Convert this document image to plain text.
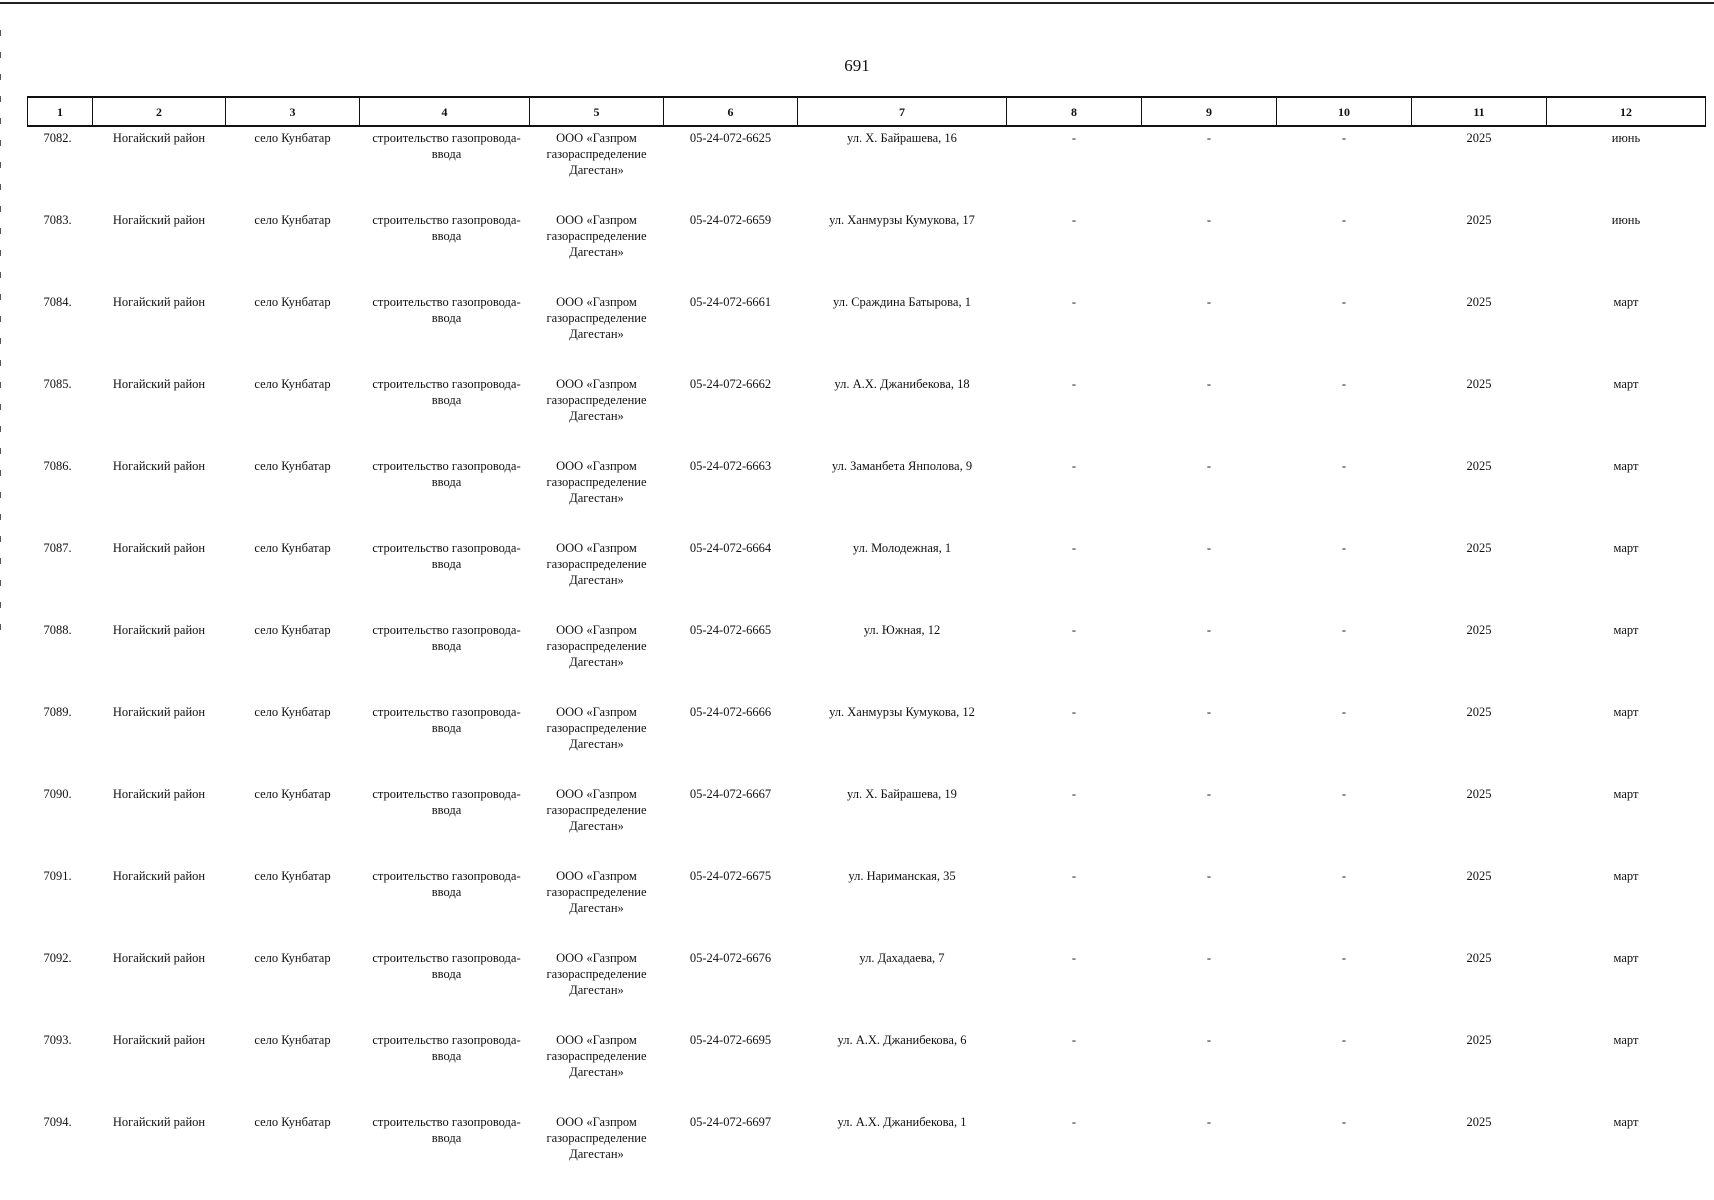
691
1	2	3	4	5	6	7	8	9	10	11	12
7082.	Ногайский район	село Кунбатар	строительство газопровода-ввода	ООО «Газпром газораспределение Дагестан»	05-24-072-6625	ул. Х. Байрашева, 16	-	-	-	2025	июнь
7083.	Ногайский район	село Кунбатар	строительство газопровода-ввода	ООО «Газпром газораспределение Дагестан»	05-24-072-6659	ул. Ханмурзы Кумукова, 17	-	-	-	2025	июнь
7084.	Ногайский район	село Кунбатар	строительство газопровода-ввода	ООО «Газпром газораспределение Дагестан»	05-24-072-6661	ул. Сраждина Батырова, 1	-	-	-	2025	март
7085.	Ногайский район	село Кунбатар	строительство газопровода-ввода	ООО «Газпром газораспределение Дагестан»	05-24-072-6662	ул. А.Х. Джанибекова, 18	-	-	-	2025	март
7086.	Ногайский район	село Кунбатар	строительство газопровода-ввода	ООО «Газпром газораспределение Дагестан»	05-24-072-6663	ул. Заманбета Янполова, 9	-	-	-	2025	март
7087.	Ногайский район	село Кунбатар	строительство газопровода-ввода	ООО «Газпром газораспределение Дагестан»	05-24-072-6664	ул. Молодежная, 1	-	-	-	2025	март
7088.	Ногайский район	село Кунбатар	строительство газопровода-ввода	ООО «Газпром газораспределение Дагестан»	05-24-072-6665	ул. Южная, 12	-	-	-	2025	март
7089.	Ногайский район	село Кунбатар	строительство газопровода-ввода	ООО «Газпром газораспределение Дагестан»	05-24-072-6666	ул. Ханмурзы Кумукова, 12	-	-	-	2025	март
7090.	Ногайский район	село Кунбатар	строительство газопровода-ввода	ООО «Газпром газораспределение Дагестан»	05-24-072-6667	ул. Х. Байрашева, 19	-	-	-	2025	март
7091.	Ногайский район	село Кунбатар	строительство газопровода-ввода	ООО «Газпром газораспределение Дагестан»	05-24-072-6675	ул. Нариманская, 35	-	-	-	2025	март
7092.	Ногайский район	село Кунбатар	строительство газопровода-ввода	ООО «Газпром газораспределение Дагестан»	05-24-072-6676	ул. Дахадаева, 7	-	-	-	2025	март
7093.	Ногайский район	село Кунбатар	строительство газопровода-ввода	ООО «Газпром газораспределение Дагестан»	05-24-072-6695	ул. А.Х. Джанибекова, 6	-	-	-	2025	март
7094.	Ногайский район	село Кунбатар	строительство газопровода-ввода	ООО «Газпром газораспределение Дагестан»	05-24-072-6697	ул. А.Х. Джанибекова, 1	-	-	-	2025	март
